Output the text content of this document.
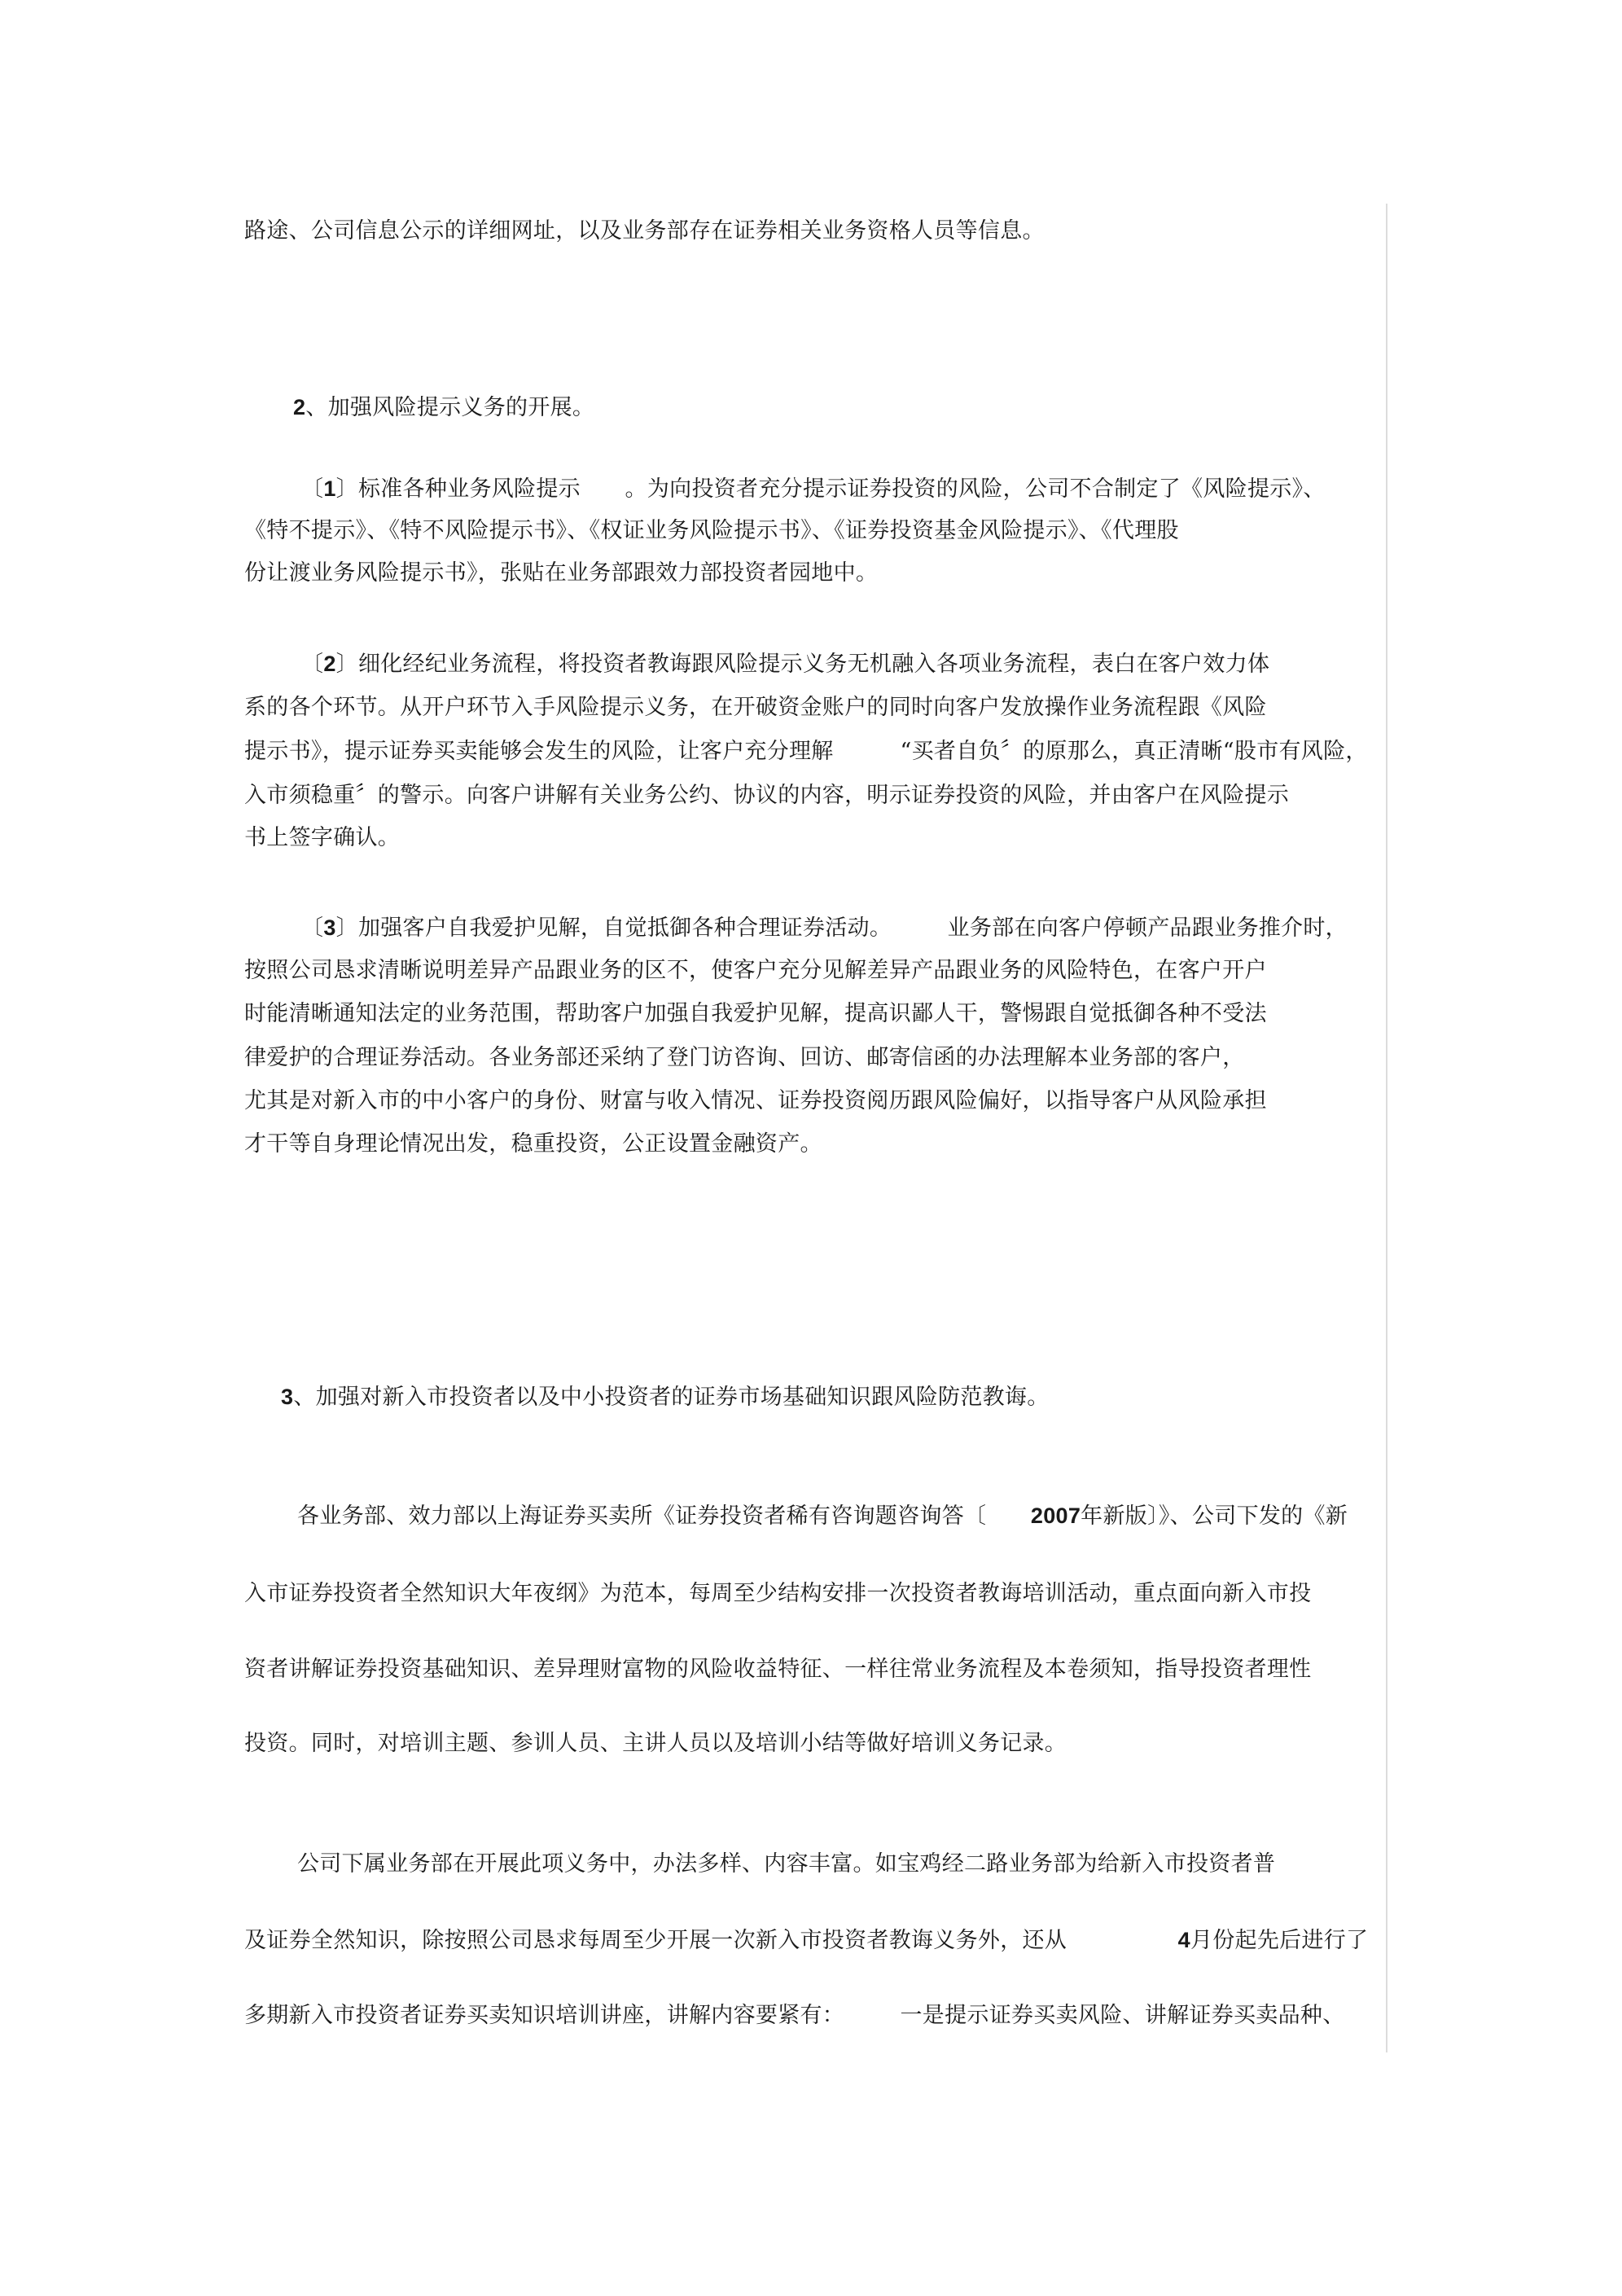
路途、公司信息公示的详细网址，以及业务部存在证券相关业务资格人员等信息。
2、加强风险提示义务的开展。
〔1〕标准各种业务风险提示　　。为向投资者充分提示证券投资的风险，公司不合制定了《风险提示》、
《特不提示》、《特不风险提示书》、《权证业务风险提示书》、《证券投资基金风险提示》、《代理股
份让渡业务风险提示书》，张贴在业务部跟效力部投资者园地中。
〔2〕细化经纪业务流程，将投资者教诲跟风险提示义务无机融入各项业务流程，表白在客户效力体
系的各个环节。从开户环节入手风险提示义务，在开破资金账户的同时向客户发放操作业务流程跟《风险
提示书》，提示证券买卖能够会发生的风险，让客户充分理解　　　“买者自负〞的原那么，真正清晰“股市有风险，
入市须稳重〞的警示。向客户讲解有关业务公约、协议的内容，明示证券投资的风险，并由客户在风险提示
书上签字确认。
〔3〕加强客户自我爱护见解，自觉抵御各种合理证券活动。　　　业务部在向客户停顿产品跟业务推介时，
按照公司恳求清晰说明差异产品跟业务的区不，使客户充分见解差异产品跟业务的风险特色，在客户开户
时能清晰通知法定的业务范围，帮助客户加强自我爱护见解，提高识鄙人干，警惕跟自觉抵御各种不受法
律爱护的合理证券活动。各业务部还采纳了登门访咨询、回访、邮寄信函的办法理解本业务部的客户，
尤其是对新入市的中小客户的身份、财富与收入情况、证券投资阅历跟风险偏好，以指导客户从风险承担
才干等自身理论情况出发，稳重投资，公正设置金融资产。
3、加强对新入市投资者以及中小投资者的证券市场基础知识跟风险防范教诲。
各业务部、效力部以上海证券买卖所《证券投资者稀有咨询题咨询答〔　　2007年新版〕》、公司下发的《新
入市证券投资者全然知识大年夜纲》为范本，每周至少结构安排一次投资者教诲培训活动，重点面向新入市投
资者讲解证券投资基础知识、差异理财富物的风险收益特征、一样往常业务流程及本卷须知，指导投资者理性
投资。同时，对培训主题、参训人员、主讲人员以及培训小结等做好培训义务记录。
公司下属业务部在开展此项义务中，办法多样、内容丰富。如宝鸡经二路业务部为给新入市投资者普
及证券全然知识，除按照公司恳求每周至少开展一次新入市投资者教诲义务外，还从　　　　　4月份起先后进行了
多期新入市投资者证券买卖知识培训讲座，讲解内容要紧有：　　　一是提示证券买卖风险、讲解证券买卖品种、
